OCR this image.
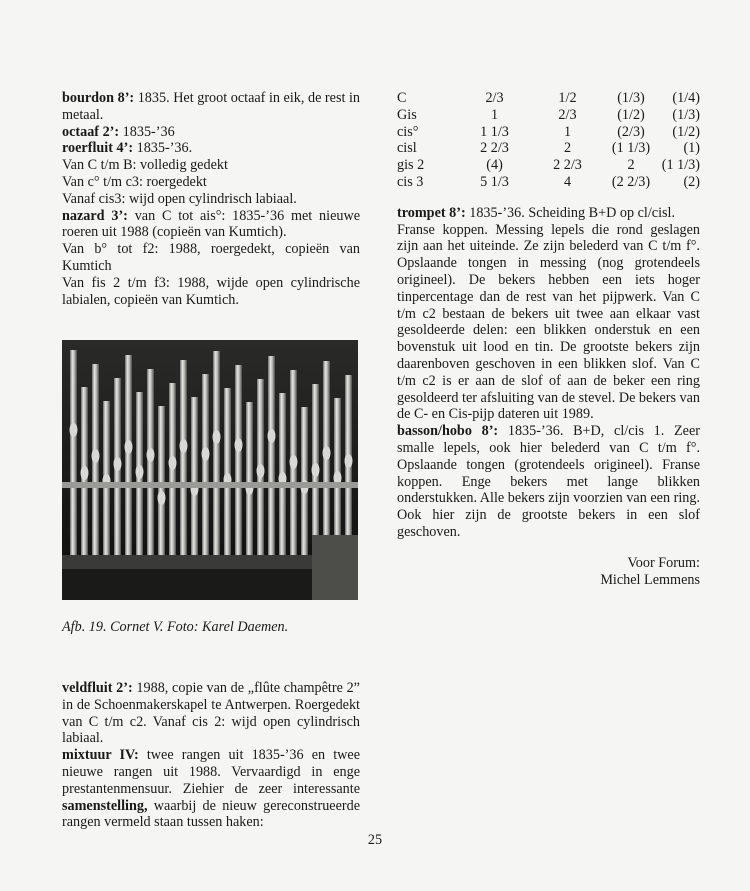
bourdon 8’: 1835. Het groot octaaf in eik, de rest in metaal.

octaaf 2’: 1835-’36

roerfluit 4’: 1835-’36.

Van C t/m B: volledig gedekt

Van c° t/m c3: roergedekt

Vanaf cis3: wijd open cylindrisch labiaal.

nazard 3’: van C tot ais°: 1835-’36 met nieuwe roeren uit 1988 (copieën van Kumtich).

Van b° tot f2: 1988, roergedekt, copieën van Kumtich

Van fis 2 t/m f3: 1988, wijde open cylindrische labialen, copieën van Kumtich.

Afb. 19. Cornet V. Foto: Karel Daemen.

veldfluit 2’: 1988, copie van de „flûte champêtre 2” in de Schoenmakerskapel te Antwerpen. Roergedekt van C t/m c2. Vanaf cis 2: wijd open cylindrisch labiaal.

mixtuur IV: twee rangen uit 1835-’36 en twee nieuwe rangen uit 1988. Vervaardigd in enge prestantenmensuur. Ziehier de zeer interessante samenstelling, waarbij de nieuw gereconstrueerde rangen vermeld staan tussen haken:

C	2/3	1/2	(1/3)	(1/4)
Gis	1	2/3	(1/2)	(1/3)
cis°	1 1/3	1	(2/3)	(1/2)
cisl	2 2/3	2	(1 1/3)	(1)
gis 2	(4)	2 2/3	2	(1 1/3)
cis 3	5 1/3	4	(2 2/3)	(2)

trompet 8’: 1835-’36. Scheiding B+D op cl/cisl.

Franse koppen. Messing lepels die rond geslagen zijn aan het uiteinde. Ze zijn belederd van C t/m f°. Opslaande tongen in messing (nog grotendeels origineel). De bekers hebben een iets hoger tinpercentage dan de rest van het pijpwerk. Van C t/m c2 bestaan de bekers uit twee aan elkaar vast gesoldeerde delen: een blikken onderstuk en een bovenstuk uit lood en tin. De grootste bekers zijn daarenboven geschoven in een blikken slof. Van C t/m c2 is er aan de slof of aan de beker een ring gesoldeerd ter afsluiting van de stevel. De bekers van de C- en Cis-pijp dateren uit 1989.

basson/hobo 8’: 1835-’36. B+D, cl/cis 1. Zeer smalle lepels, ook hier belederd van C t/m f°. Opslaande tongen (grotendeels origineel). Franse koppen. Enge bekers met lange blikken onderstukken. Alle bekers zijn voorzien van een ring. Ook hier zijn de grootste bekers in een slof geschoven.

Voor Forum:
Michel Lemmens
25
